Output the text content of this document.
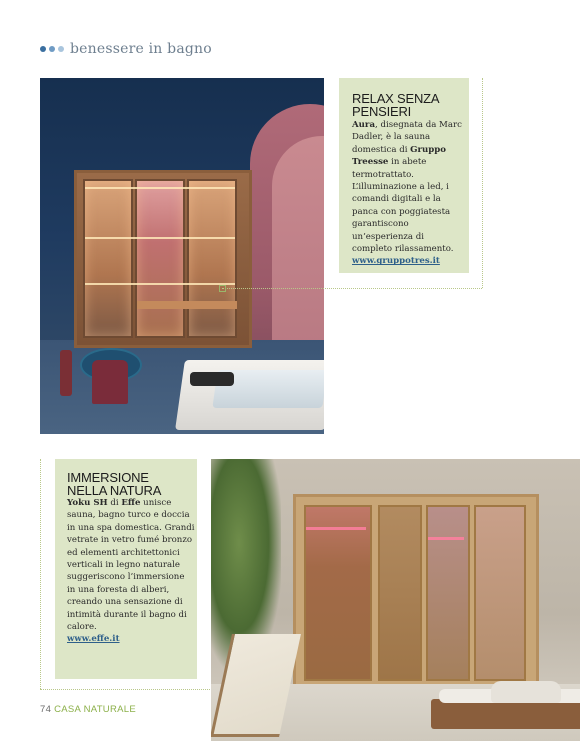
benessere in bagno
RELAX SENZA PENSIERI
Aura, disegnata da Marc Dadler, è la sauna domestica di Gruppo Treesse in abete termotrattato. L’illuminazione a led, i comandi digitali e la panca con poggiatesta garantiscono un’esperienza di completo rilassamento.
www.gruppotres.it
IMMERSIONE NELLA NATURA
Yoku SH di Effe unisce sauna, bagno turco e doccia in una spa domestica. Grandi vetrate in vetro fumé bronzo ed elementi architettonici verticali in legno naturale suggeriscono l’immersione in una foresta di alberi, creando una sensazione di intimità durante il bagno di calore.
www.effe.it
74 CASA NATURALE
